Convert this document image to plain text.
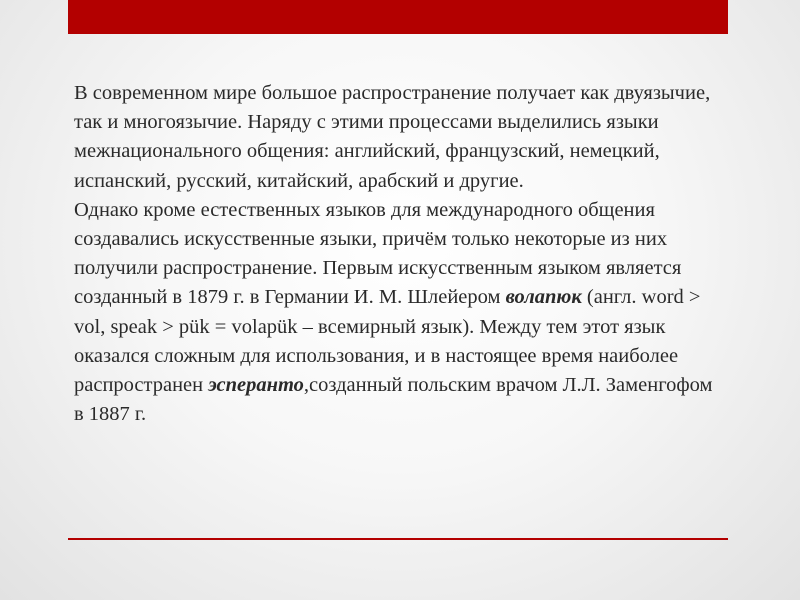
В современном мире большое распространение получает как двуязычие, так и многоязычие. Наряду с этими процессами выделились языки межнационального общения: английский, французский, немецкий, испанский, русский, китайский, арабский и другие.

Однако кроме естественных языков для международного общения создавались искусственные языки, причём только некоторые из них получили распространение. Первым искусственным языком является созданный в 1879 г. в Германии И. М. Шлейером волапюк (англ. word > vol, speak > pük = volapük – всемирный язык). Между тем этот язык оказался сложным для использования, и в настоящее время наиболее распространен эсперанто,созданный польским врачом Л.Л. Заменгофом в 1887 г.
